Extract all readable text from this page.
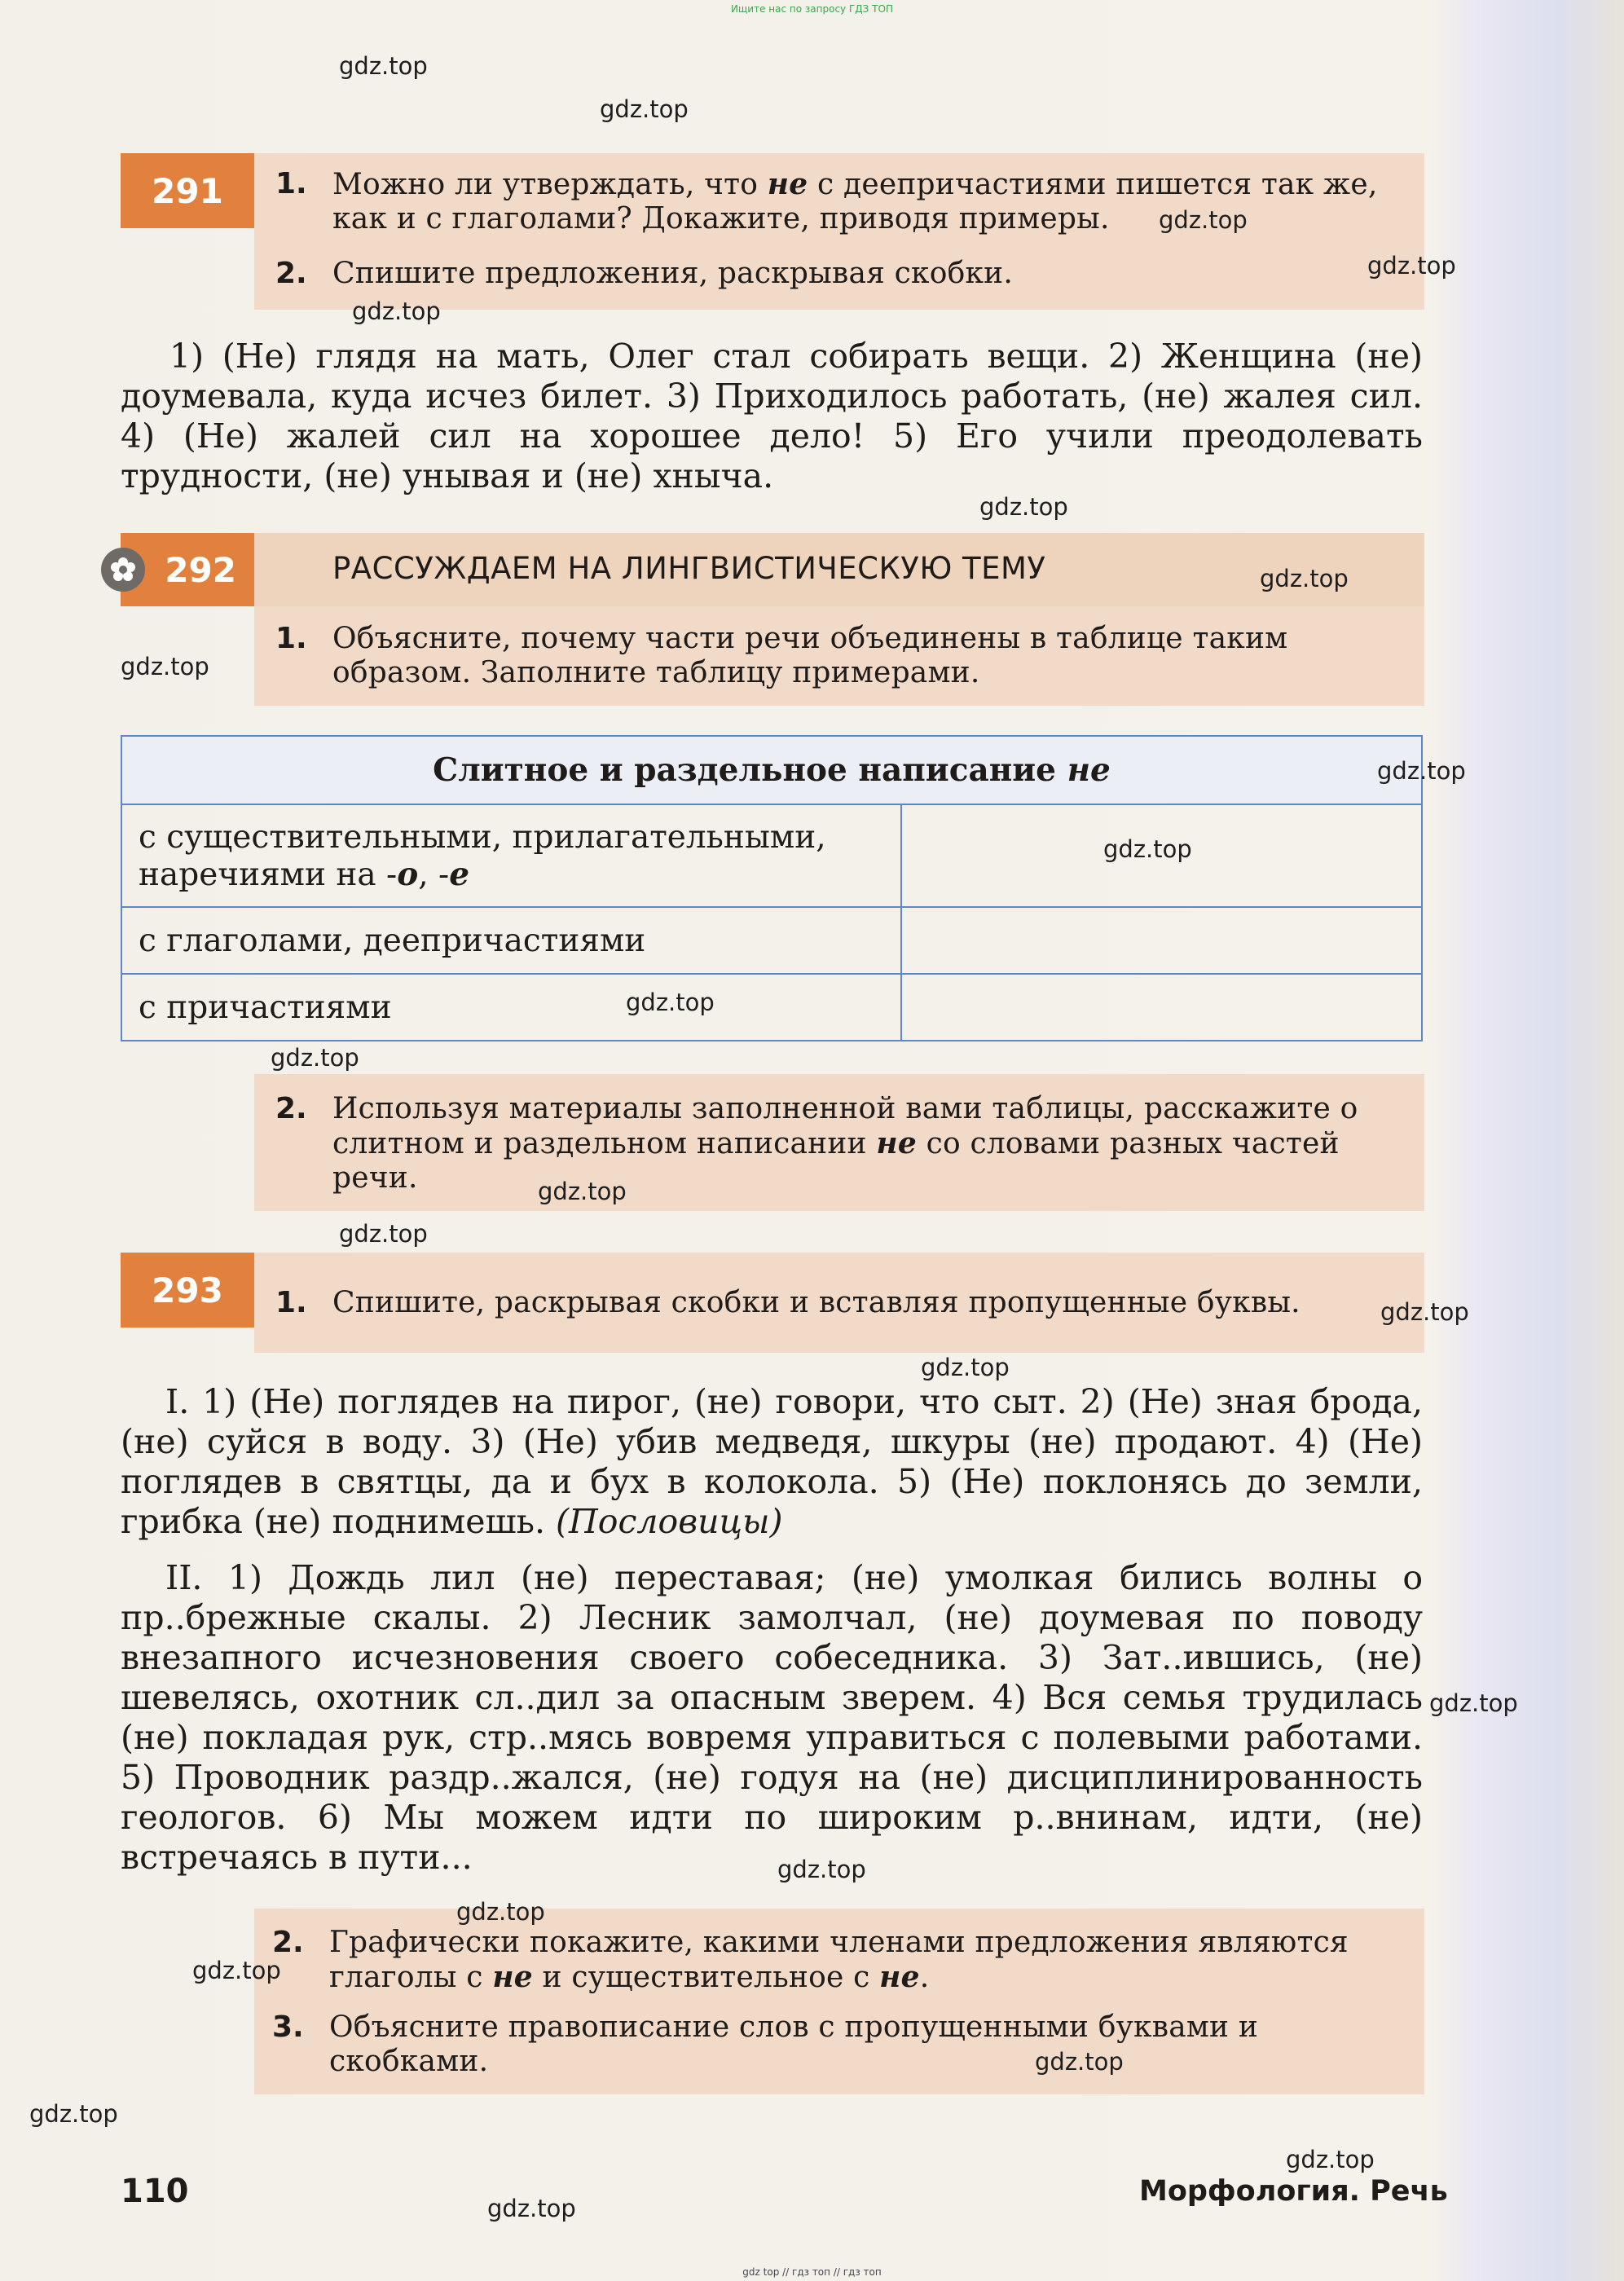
Ищите нас по запросу ГДЗ ТОП
291	1. Можно ли утверждать, что не с деепричастиями пишется так же, как и с глаголами? Докажите, приводя примеры.
2. Спишите предложения, раскрывая скобки.
1) (Не) глядя на мать, Олег стал собирать вещи. 2) Женщина (не) доумевала, куда исчез билет. 3) Приходилось работать, (не) жалея сил. 4) (Не) жалей сил на хорошее дело! 5) Его учили преодолевать трудности, (не) унывая и (не) хныча.
292	РАССУЖДАЕМ НА ЛИНГВИСТИЧЕСКУЮ ТЕМУ
1. Объясните, почему части речи объединены в таблице таким образом. Заполните таблицу примерами.
Слитное и раздельное написание не	
с существительными, прилагательными, наречиями на -о, -е	
с глаголами, деепричастиями	
с причастиями	
2. Используя материалы заполненной вами таблицы, расскажите о слитном и раздельном написании не со словами разных частей речи.
293	1. Спишите, раскрывая скобки и вставляя пропущенные буквы.
I. 1) (Не) поглядев на пирог, (не) говори, что сыт. 2) (Не) зная брода, (не) суйся в воду. 3) (Не) убив медведя, шкуры (не) продают. 4) (Не) поглядев в святцы, да и бух в колокола. 5) (Не) поклонясь до земли, грибка (не) поднимешь. (Пословицы)
II. 1) Дождь лил (не) переставая; (не) умолкая бились волны о пр..брежные скалы. 2) Лесник замолчал, (не) доумевая по поводу внезапного исчезновения своего собеседника. 3) Зат..ившись, (не) шевелясь, охотник сл..дил за опасным зверем. 4) Вся семья трудилась (не) покладая рук, стр..мясь вовремя управиться с полевыми работами. 5) Проводник раздр..жался, (не) годуя на (не) дисциплинированность геологов. 6) Мы можем идти по широким р..внинам, идти, (не) встречаясь в пути...
2. Графически покажите, какими членами предложения являются глаголы с не и существительное с не.
3. Объясните правописание слов с пропущенными буквами и скобками.
110	Морфология. Речь
gdz.top
gdz.top
gdz.top
gdz.top
gdz.top
gdz.top
gdz.top
gdz.top
gdz.top
gdz.top
gdz.top
gdz.top
gdz.top
gdz.top
gdz.top
gdz.top
gdz.top
gdz.top
gdz.top
gdz.top
gdz.top
gdz.top
gdz.top
gdz.top
gdz top // гдз топ // гдз топ
